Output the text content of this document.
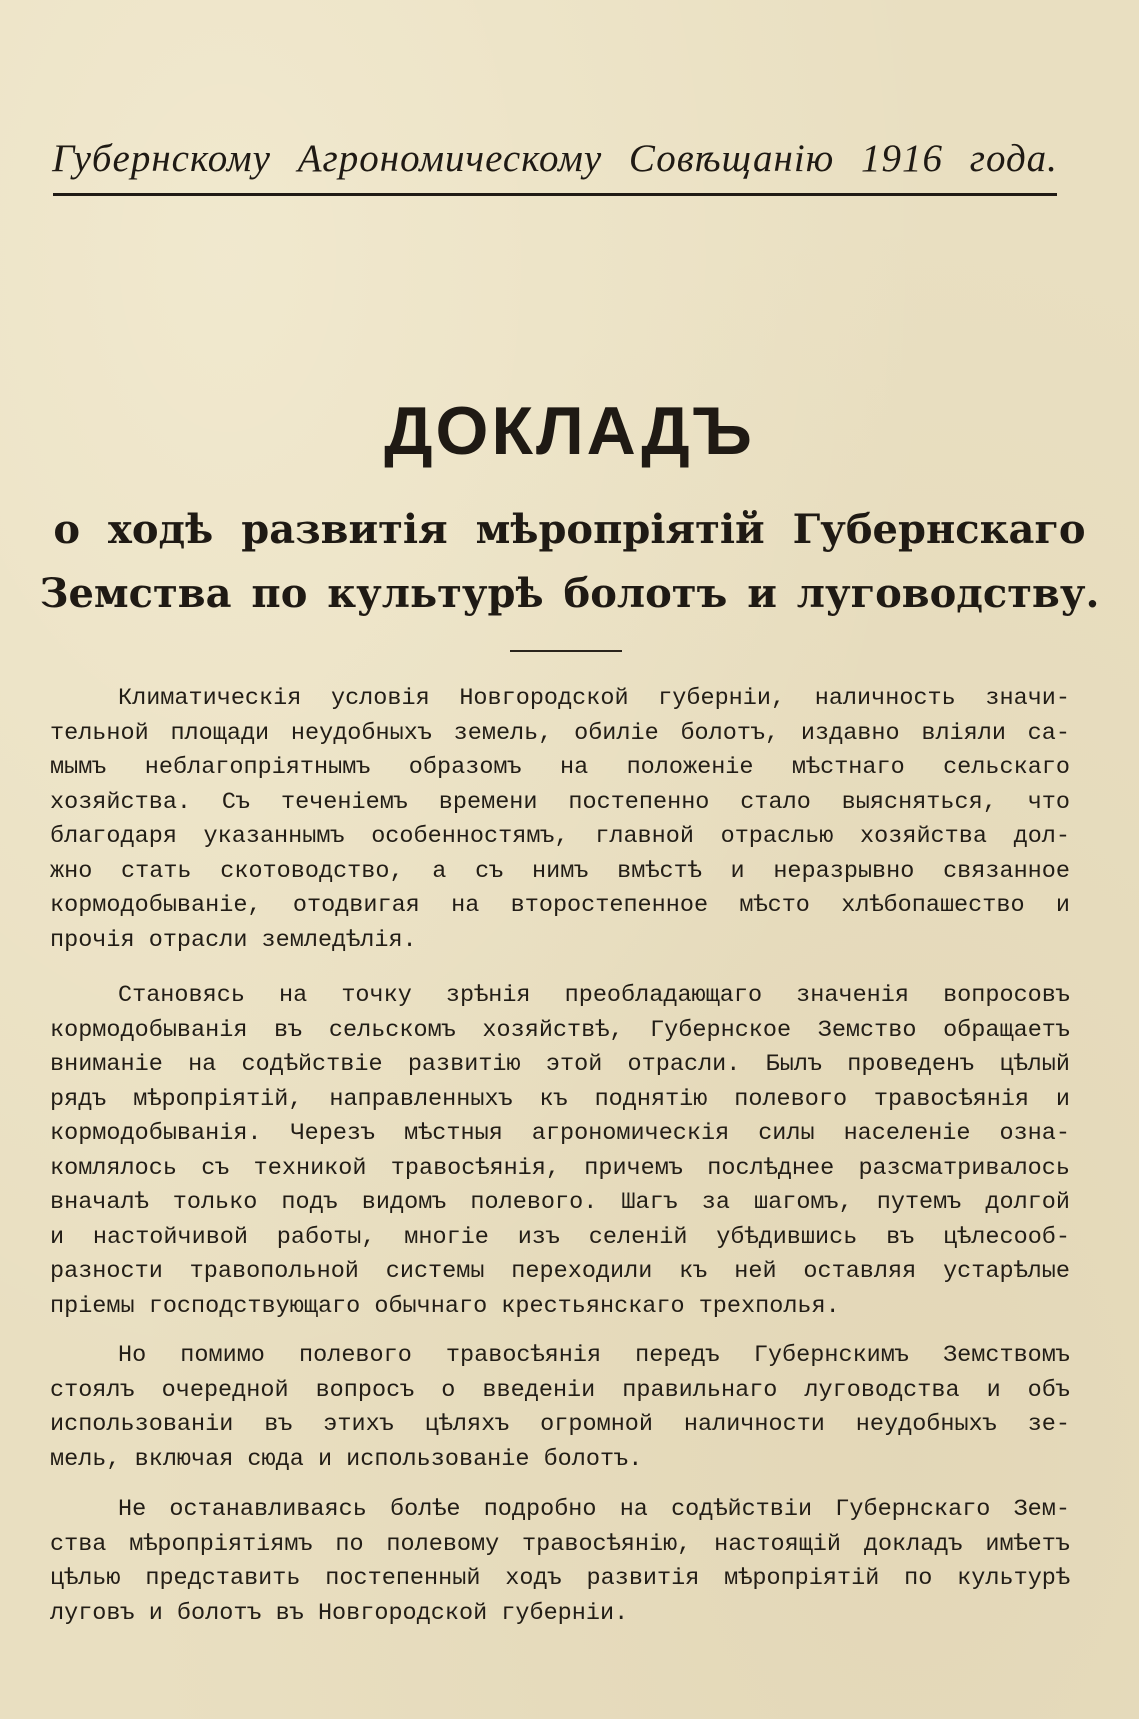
Губернскому Агрономическому Совѣщанію 1916 года.
ДОКЛАДЪ
о ходѣ развитія мѣропріятій Губернскаго
Земства по культурѣ болотъ и луговодству.
Климатическія условія Новгородской губерніи, наличность значи-
тельной площади неудобныхъ земель, обиліе болотъ, издавно вліяли са-
мымъ неблагопріятнымъ образомъ на положеніе мѣстнаго сельскаго
хозяйства. Съ теченіемъ времени постепенно стало выясняться, что
благодаря указаннымъ особенностямъ, главной отраслью хозяйства дол-
жно стать скотоводство, а съ нимъ вмѣстѣ и неразрывно связанное
кормодобываніе, отодвигая на второстепенное мѣсто хлѣбопашество и
прочія отрасли земледѣлія.
Становясь на точку зрѣнія преобладающаго значенія вопросовъ
кормодобыванія въ сельскомъ хозяйствѣ, Губернское Земство обращаетъ
вниманіе на содѣйствіе развитію этой отрасли. Былъ проведенъ цѣлый
рядъ мѣропріятій, направленныхъ къ поднятію полевого травосѣянія и
кормодобыванія. Черезъ мѣстныя агрономическія силы населеніе озна-
комлялось съ техникой травосѣянія, причемъ послѣднее разсматривалось
вначалѣ только подъ видомъ полевого. Шагъ за шагомъ, путемъ долгой
и настойчивой работы, многіе изъ селеній убѣдившись въ цѣлесооб-
разности травопольной системы переходили къ ней оставляя устарѣлые
пріемы господствующаго обычнаго крестьянскаго трехполья.
Но помимо полевого травосѣянія передъ Губернскимъ Земствомъ
стоялъ очередной вопросъ о введеніи правильнаго луговодства и объ
использованіи въ этихъ цѣляхъ огромной наличности неудобныхъ зе-
мель, включая сюда и использованіе болотъ.
Не останавливаясь болѣе подробно на содѣйствіи Губернскаго Зем-
ства мѣропріятіямъ по полевому травосѣянію, настоящій докладъ имѣетъ
цѣлью представить постепенный ходъ развитія мѣропріятій по культурѣ
луговъ и болотъ въ Новгородской губерніи.
